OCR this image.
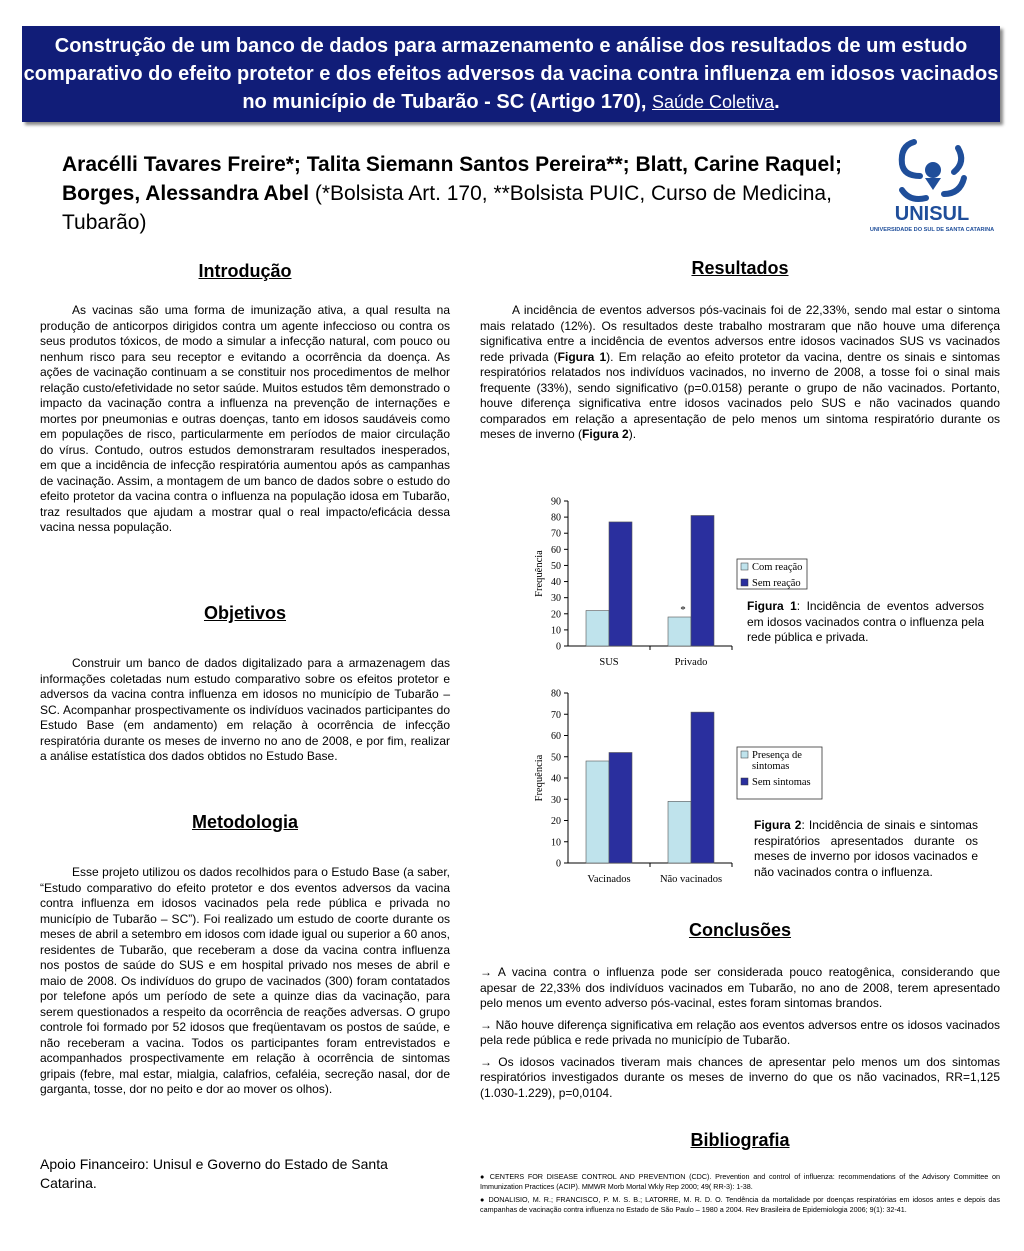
Construção de um banco de dados para armazenamento e análise dos resultados de um estudo comparativo do efeito protetor e dos efeitos adversos da vacina contra influenza em idosos vacinados no município de Tubarão - SC (Artigo 170), Saúde Coletiva.
Aracélli Tavares Freire*; Talita Siemann Santos Pereira**; Blatt, Carine Raquel; Borges, Alessandra Abel (*Bolsista Art. 170, **Bolsista PUIC, Curso de Medicina, Tubarão)	UNISUL
UNIVERSIDADE DO SUL DE SANTA CATARINA
Introdução

As vacinas são uma forma de imunização ativa, a qual resulta na produção de anticorpos dirigidos contra um agente infeccioso ou contra os seus produtos tóxicos, de modo a simular a infecção natural, com pouco ou nenhum risco para seu receptor e evitando a ocorrência da doença. As ações de vacinação continuam a se constituir nos procedimentos de melhor relação custo/efetividade no setor saúde. Muitos estudos têm demonstrado o impacto da vacinação contra a influenza na prevenção de internações e mortes por pneumonias e outras doenças, tanto em idosos saudáveis como em populações de risco, particularmente em períodos de maior circulação do vírus. Contudo, outros estudos demonstraram resultados inesperados, em que a incidência de infecção respiratória aumentou após as campanhas de vacinação. Assim, a montagem de um banco de dados sobre o estudo do efeito protetor da vacina contra o influenza na população idosa em Tubarão, traz resultados que ajudam a mostrar qual o real impacto/eficácia dessa vacina nessa população.

Objetivos

Construir um banco de dados digitalizado para a armazenagem das informações coletadas num estudo comparativo sobre os efeitos protetor e adversos da vacina contra influenza em idosos no município de Tubarão – SC. Acompanhar prospectivamente os indivíduos vacinados participantes do Estudo Base (em andamento) em relação à ocorrência de infecção respiratória durante os meses de inverno no ano de 2008, e por fim, realizar a análise estatística dos dados obtidos no Estudo Base.

Metodologia

Esse projeto utilizou os dados recolhidos para o Estudo Base (a saber, “Estudo comparativo do efeito protetor e dos eventos adversos da vacina contra influenza em idosos vacinados pela rede pública e privada no município de Tubarão – SC”). Foi realizado um estudo de coorte durante os meses de abril a setembro em idosos com idade igual ou superior a 60 anos, residentes de Tubarão, que receberam a dose da vacina contra influenza nos postos de saúde do SUS e em hospital privado nos meses de abril e maio de 2008. Os indivíduos do grupo de vacinados (300) foram contatados por telefone após um período de sete a quinze dias da vacinação, para serem questionados a respeito da ocorrência de reações adversas. O grupo controle foi formado por 52 idosos que freqüentavam os postos de saúde, e não receberam a vacina. Todos os participantes foram entrevistados e acompanhados prospectivamente em relação à ocorrência de sintomas gripais (febre, mal estar, mialgia, calafrios, cefaléia, secreção nasal, dor de garganta, tosse, dor no peito e dor ao mover os olhos).

Apoio Financeiro: Unisul e Governo do Estado de Santa Catarina.
Resultados

A incidência de eventos adversos pós-vacinais foi de 22,33%, sendo mal estar o sintoma mais relatado (12%). Os resultados deste trabalho mostraram que não houve uma diferença significativa entre a incidência de eventos adversos entre idosos vacinados SUS vs vacinados rede privada (Figura 1). Em relação ao efeito protetor da vacina, dentre os sinais e sintomas respiratórios relatados nos indivíduos vacinados, no inverno de 2008, a tosse foi o sinal mais frequente (33%), sendo significativo (p=0.0158) perante o grupo de não vacinados. Portanto, houve diferença significativa entre idosos vacinados pelo SUS e não vacinados quando comparados em relação a apresentação de pelo menos um sintoma respiratório durante os meses de inverno (Figura 2).

0
10
20
30
40
50
60
70
80
90
Frequência
SUS	Privado
*
Com reação
Sem reação
Figura 1: Incidência de eventos adversos em idosos vacinados contra o influenza pela rede pública e privada.
0
10
20
30
40
50
60
70
80
Frequência
Vacinados	Não vacinados
Presença de
sintomas
Sem sintomas
Figura 2: Incidência de sinais e sintomas respiratórios apresentados durante os meses de inverno por idosos vacinados e não vacinados contra o influenza.
Conclusões

→ A vacina contra o influenza pode ser considerada pouco reatogênica, considerando que apesar de 22,33% dos indivíduos vacinados em Tubarão, no ano de 2008, terem apresentado pelo menos um evento adverso pós-vacinal, estes foram sintomas brandos.

→ Não houve diferença significativa em relação aos eventos adversos entre os idosos vacinados pela rede pública e rede privada no município de Tubarão.

→ Os idosos vacinados tiveram mais chances de apresentar pelo menos um dos sintomas respiratórios investigados durante os meses de inverno do que os não vacinados, RR=1,125 (1.030-1.229), p=0,0104.

Bibliografia

● CENTERS FOR DISEASE CONTROL AND PREVENTION (CDC). Prevention and control of influenza: recommendations of the Advisory Committee on Immunization Practices (ACIP). MMWR Morb Mortal Wkly Rep 2000; 49( RR-3): 1-38.

● DONALISIO, M. R.; FRANCISCO, P. M. S. B.; LATORRE, M. R. D. O. Tendência da mortalidade por doenças respiratórias em idosos antes e depois das campanhas de vacinação contra influenza no Estado de São Paulo – 1980 a 2004. Rev Brasileira de Epidemiologia 2006; 9(1): 32-41.
